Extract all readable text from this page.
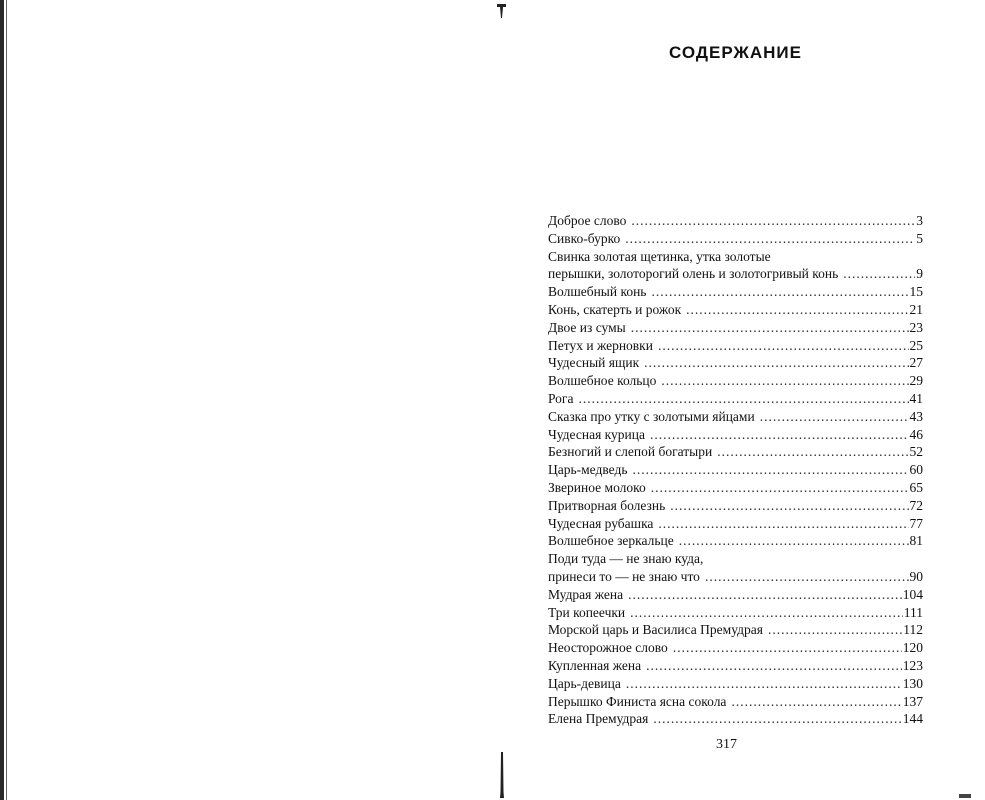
СОДЕРЖАНИЕ
Доброе слово .....	3
Сивко-бурко .....	5
Свинка золотая щетинка, утка золотые
перышки, золоторогий олень и золотогривый конь .....	9
Волшебный конь .....	15
Конь, скатерть и рожок .....	21
Двое из сумы .....	23
Петух и жерновки .....	25
Чудесный ящик .....	27
Волшебное кольцо .....	29
Рога .....	41
Сказка про утку с золотыми яйцами .....	43
Чудесная курица .....	46
Безногий и слепой богатыри .....	52
Царь-медведь .....	60
Звериное молоко .....	65
Притворная болезнь .....	72
Чудесная рубашка .....	77
Волшебное зеркальце .....	81
Поди туда — не знаю куда,
принеси то — не знаю что .....	90
Мудрая жена .....	104
Три копеечки .....	111
Морской царь и Василиса Премудрая .....	112
Неосторожное слово .....	120
Купленная жена .....	123
Царь-девица .....	130
Перышко Финиста ясна сокола .....	137
Елена Премудрая .....	144
317
